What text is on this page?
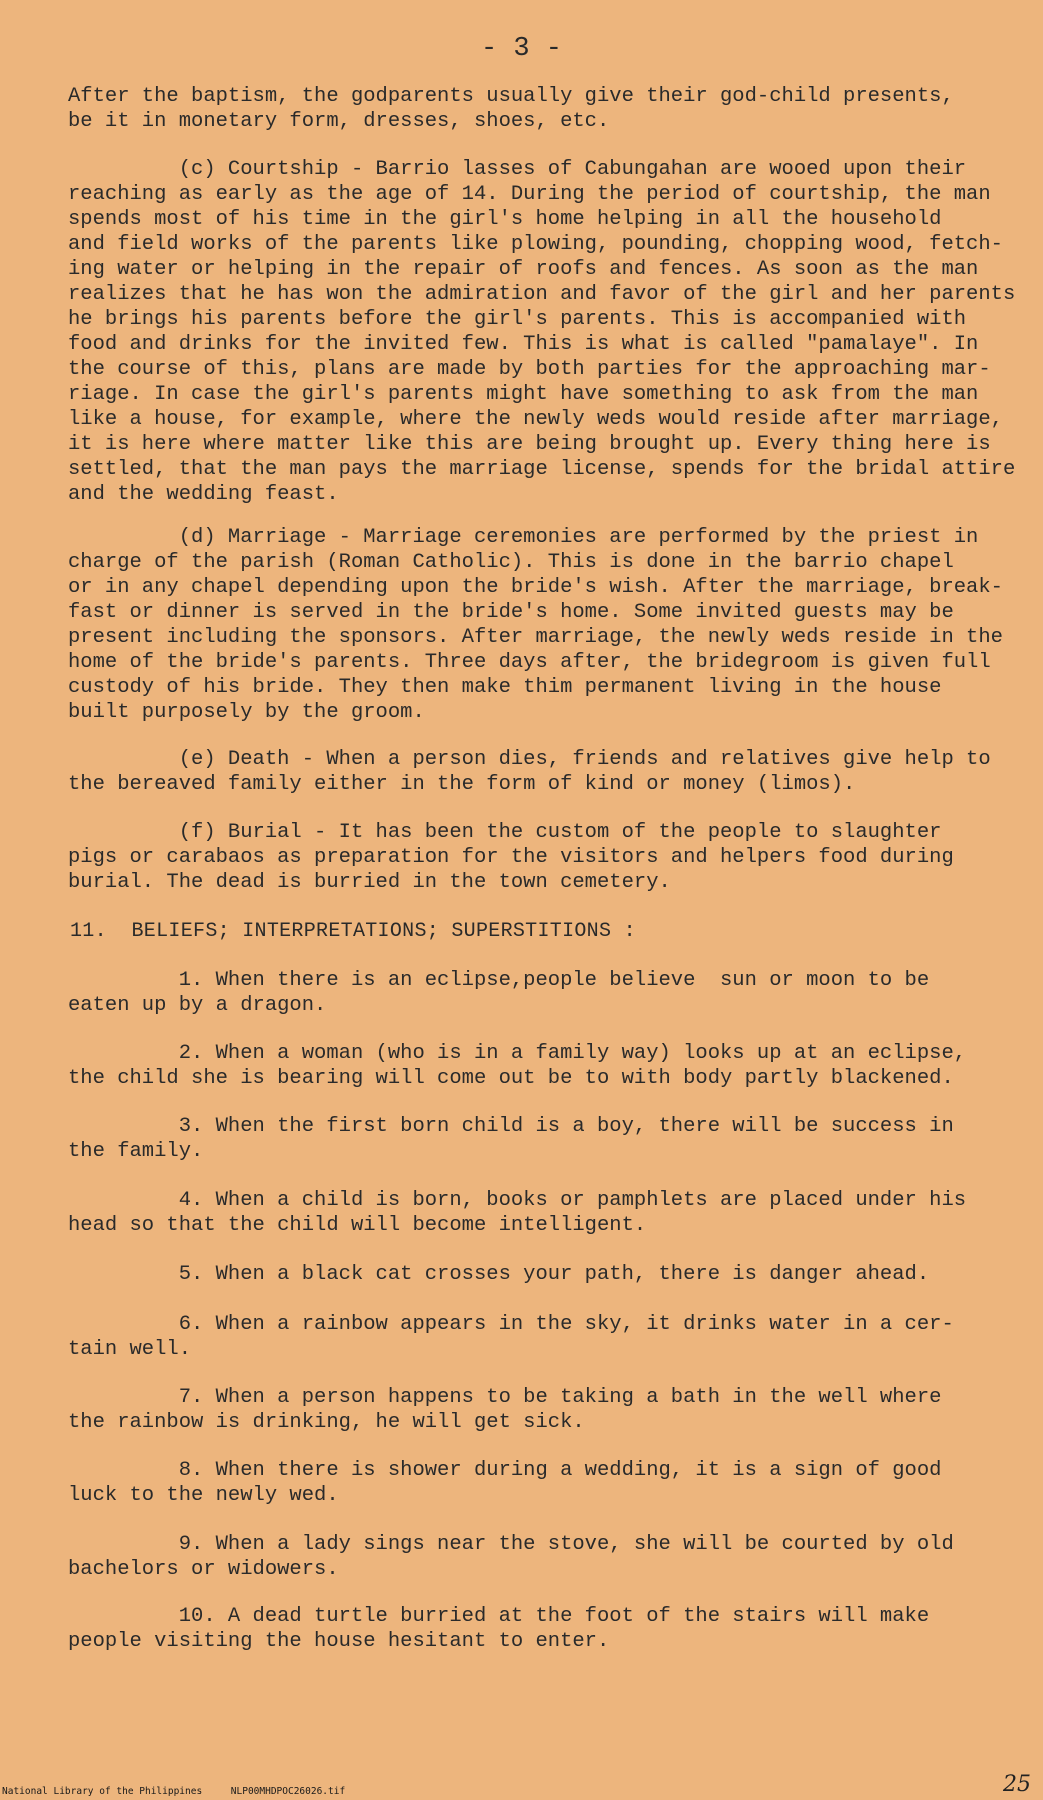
- 3 -
After the baptism, the godparents usually give their god-child presents,
be it in monetary form, dresses, shoes, etc.
(c) Courtship - Barrio lasses of Cabungahan are wooed upon their
reaching as early as the age of 14. During the period of courtship, the man
spends most of his time in the girl's home helping in all the household
and field works of the parents like plowing, pounding, chopping wood, fetch-
ing water or helping in the repair of roofs and fences. As soon as the man
realizes that he has won the admiration and favor of the girl and her parents
he brings his parents before the girl's parents. This is accompanied with
food and drinks for the invited few. This is what is called "pamalaye". In
the course of this, plans are made by both parties for the approaching mar-
riage. In case the girl's parents might have something to ask from the man
like a house, for example, where the newly weds would reside after marriage,
it is here where matter like this are being brought up. Every thing here is
settled, that the man pays the marriage license, spends for the bridal attire
and the wedding feast.
(d) Marriage - Marriage ceremonies are performed by the priest in
charge of the parish (Roman Catholic). This is done in the barrio chapel
or in any chapel depending upon the bride's wish. After the marriage, break-
fast or dinner is served in the bride's home. Some invited guests may be
present including the sponsors. After marriage, the newly weds reside in the
home of the bride's parents. Three days after, the bridegroom is given full
custody of his bride. They then make thim permanent living in the house
built purposely by the groom.
(e) Death - When a person dies, friends and relatives give help to
the bereaved family either in the form of kind or money (limos).
(f) Burial - It has been the custom of the people to slaughter
pigs or carabaos as preparation for the visitors and helpers food during
burial. The dead is burried in the town cemetery.
11.  BELIEFS; INTERPRETATIONS; SUPERSTITIONS :
1. When there is an eclipse,people believe  sun or moon to be
eaten up by a dragon.
2. When a woman (who is in a family way) looks up at an eclipse,
the child she is bearing will come out be to with body partly blackened.
3. When the first born child is a boy, there will be success in
the family.
4. When a child is born, books or pamphlets are placed under his
head so that the child will become intelligent.
5. When a black cat crosses your path, there is danger ahead.
6. When a rainbow appears in the sky, it drinks water in a cer-
tain well.
7. When a person happens to be taking a bath in the well where
the rainbow is drinking, he will get sick.
8. When there is shower during a wedding, it is a sign of good
luck to the newly wed.
9. When a lady sings near the stove, she will be courted by old
bachelors or widowers.
10. A dead turtle burried at the foot of the stairs will make
people visiting the house hesitant to enter.
National Library of the Philippines     NLP00MHDPOC26026.tif	25
